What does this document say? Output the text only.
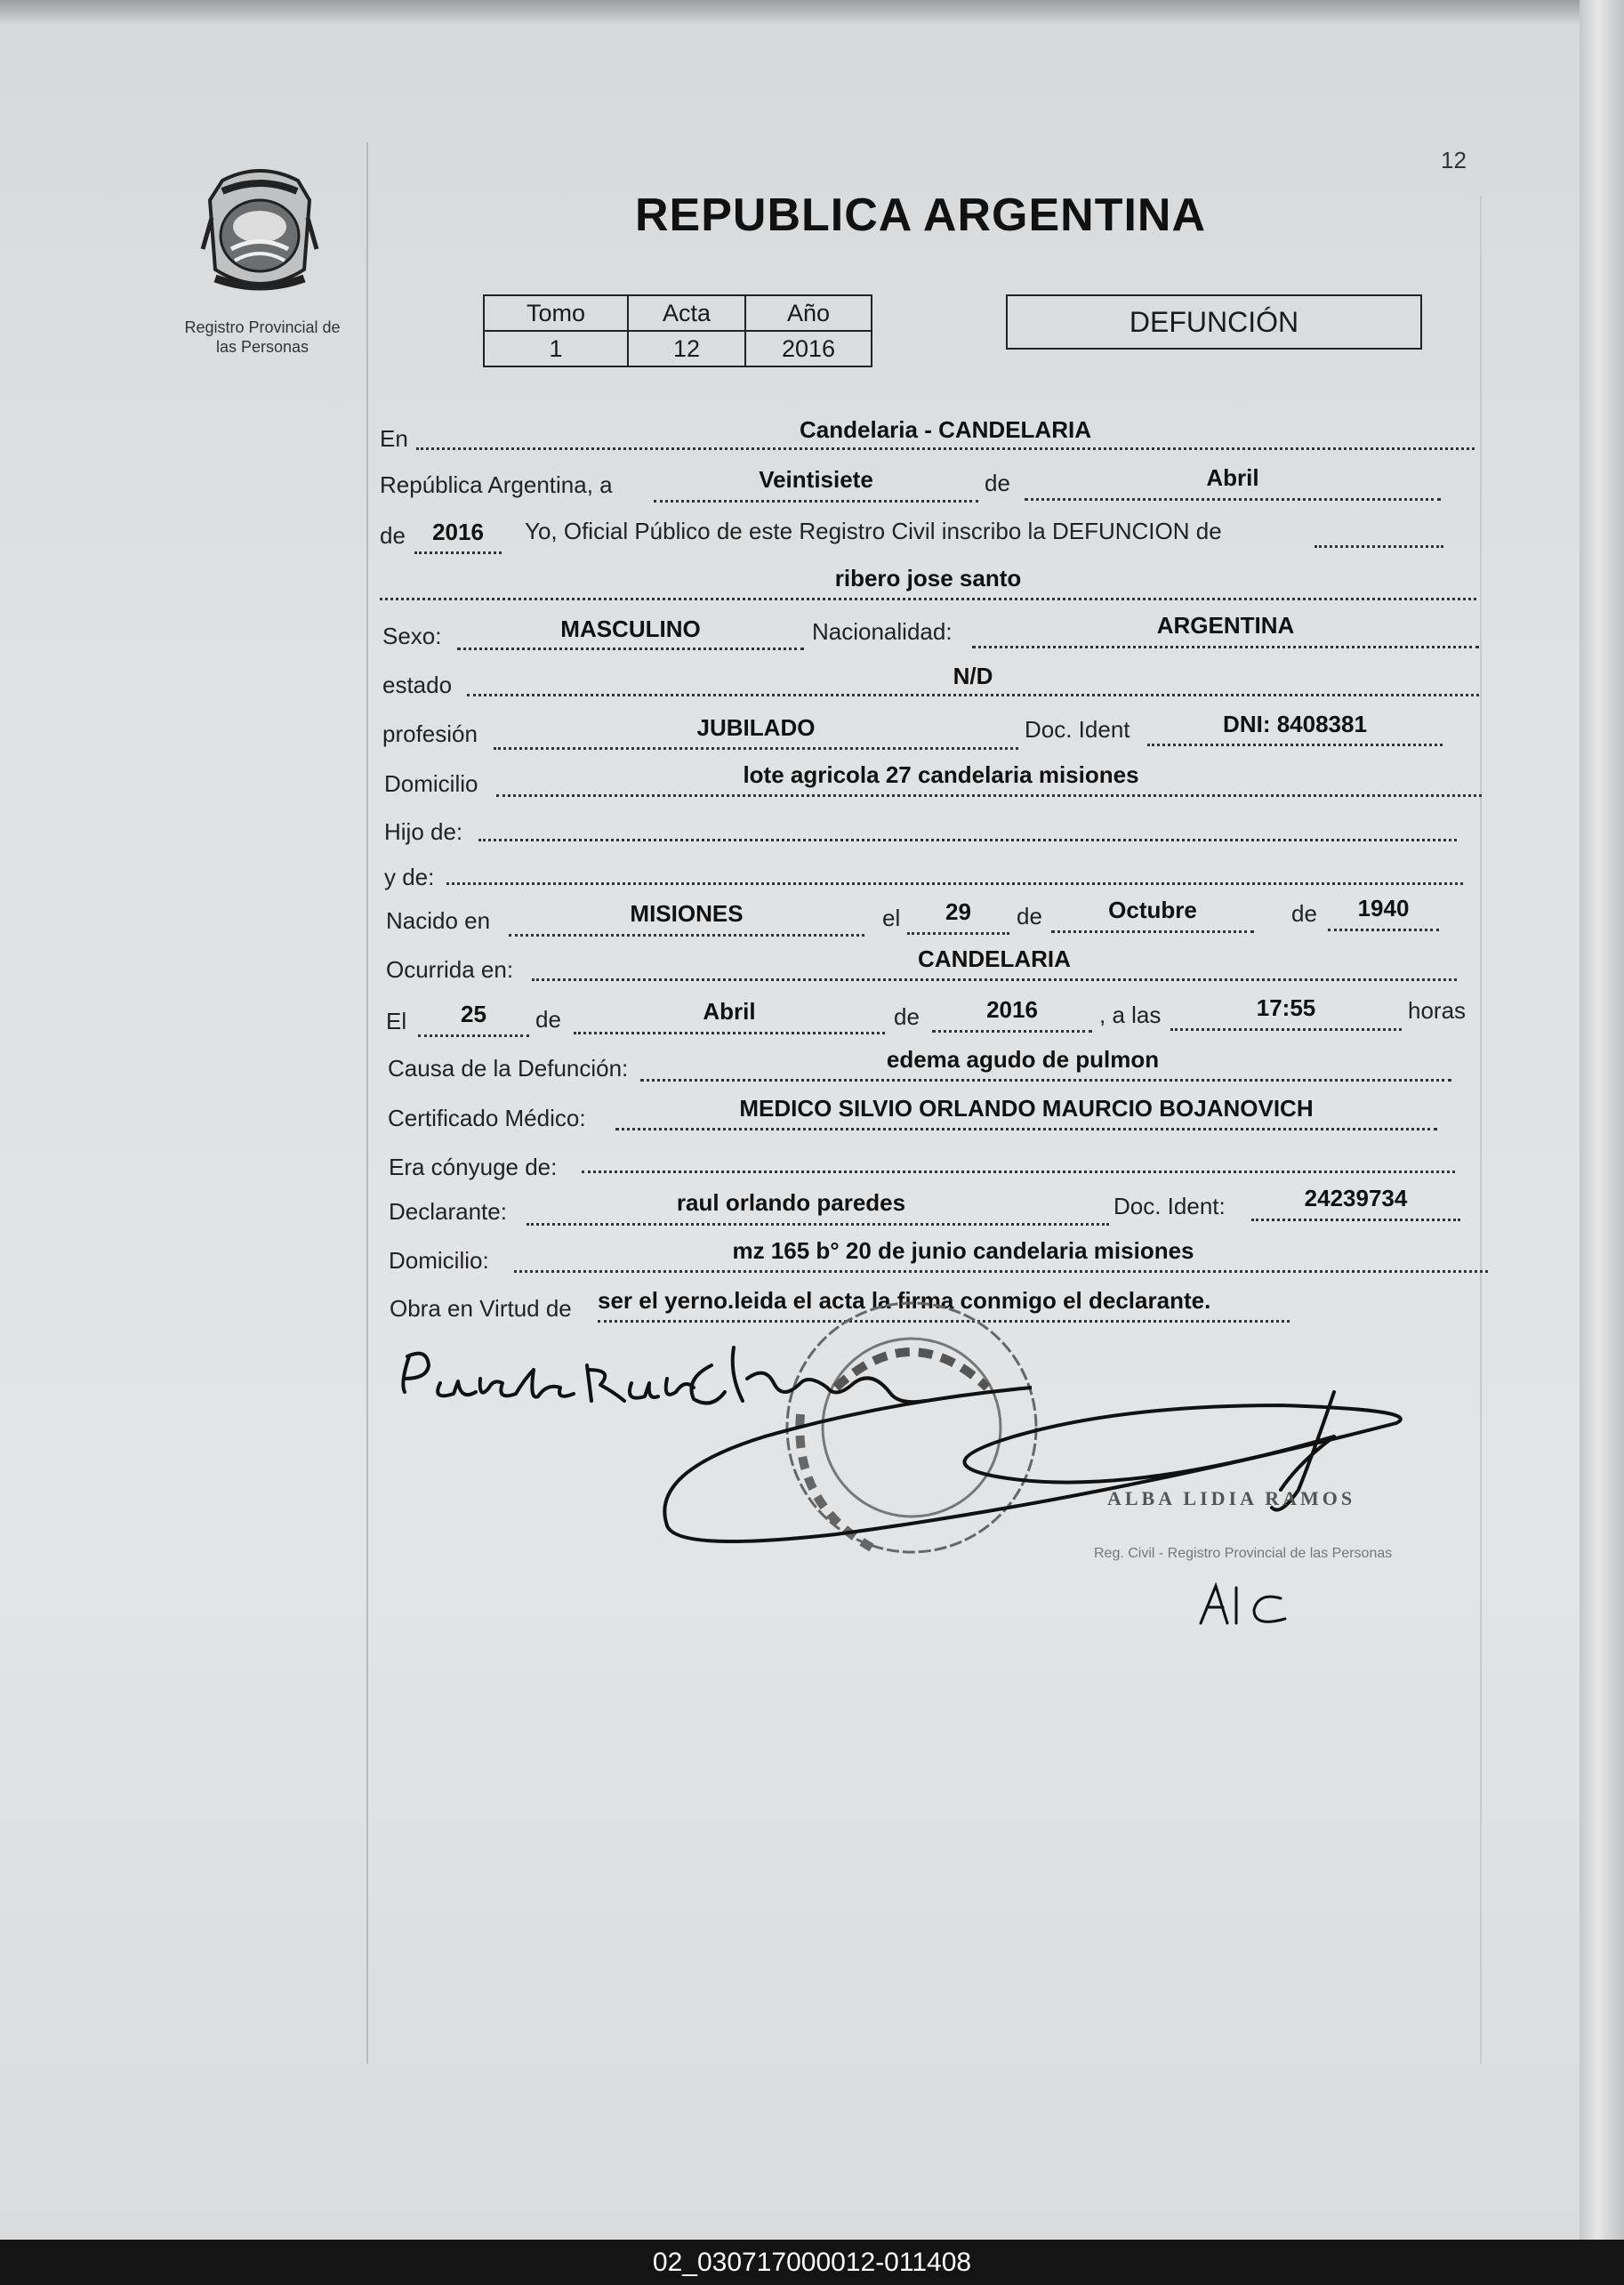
12
Registro Provincial de
las Personas
REPUBLICA ARGENTINA
Tomo	Acta	Año
1	12	2016
DEFUNCIÓN
En	Candelaria - CANDELARIA
República Argentina, a	Veintisiete	de	Abril
de	2016	Yo, Oficial Público de este Registro Civil inscribo la DEFUNCION de
ribero jose santo
Sexo:	MASCULINO	Nacionalidad:	ARGENTINA
estado	N/D
profesión	JUBILADO	Doc. Ident	DNI: 8408381
Domicilio	lote agricola 27 candelaria misiones
Hijo de:
y de:
Nacido en	MISIONES	el	29	de	Octubre	de	1940
Ocurrida en:	CANDELARIA
El	25	de	Abril	de	2016	, a las	17:55	horas
Causa de la Defunción:	edema agudo de pulmon
Certificado Médico:	MEDICO SILVIO ORLANDO MAURCIO BOJANOVICH
Era cónyuge de:
Declarante:	raul orlando paredes	Doc. Ident:	24239734
Domicilio:	mz 165 b° 20 de junio candelaria misiones
Obra en Virtud de ser el yerno.leida el acta la firma conmigo el declarante.
ALBA LIDIA RAMOS
Reg. Civil - Registro Provincial de las Personas
02_030717000012-011408
